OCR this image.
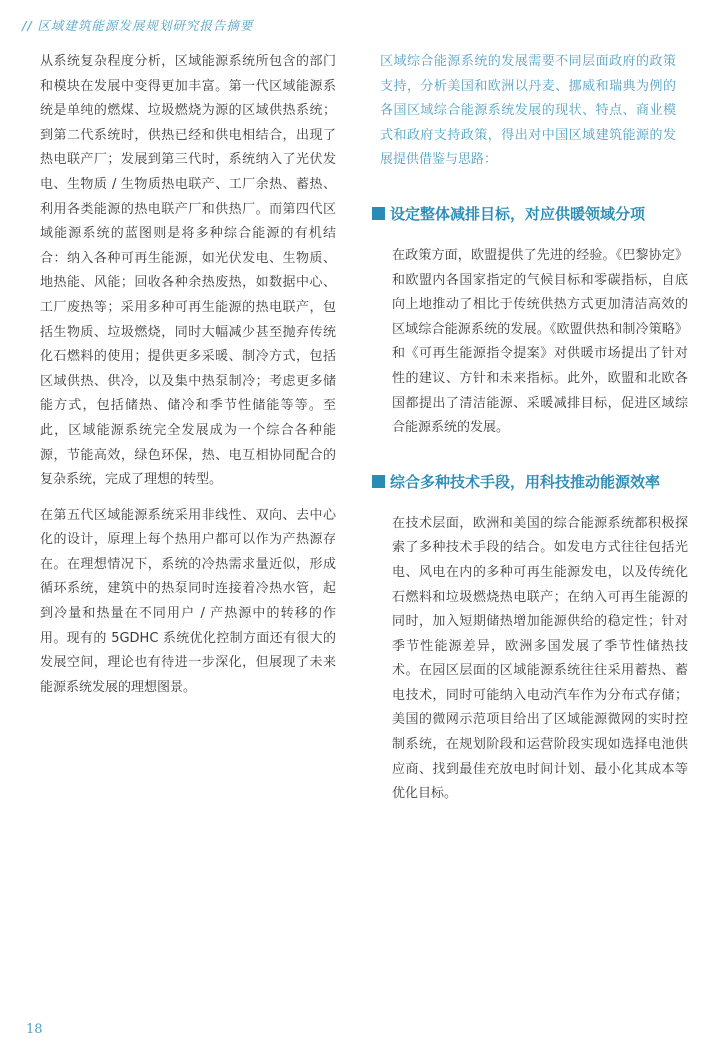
// 区域建筑能源发展规划研究报告摘要

从系统复杂程度分析，区域能源系统所包含的部门和模块在发展中变得更加丰富。第一代区域能源系统是单纯的燃煤、垃圾燃烧为源的区域供热系统；到第二代系统时，供热已经和供电相结合，出现了热电联产厂；发展到第三代时，系统纳入了光伏发电、生物质 / 生物质热电联产、工厂余热、蓄热、利用各类能源的热电联产厂和供热厂。而第四代区域能源系统的蓝图则是将多种综合能源的有机结合：纳入各种可再生能源，如光伏发电、生物质、地热能、风能；回收各种余热废热，如数据中心、工厂废热等；采用多种可再生能源的热电联产，包括生物质、垃圾燃烧，同时大幅减少甚至抛弃传统化石燃料的使用；提供更多采暖、制冷方式，包括区域供热、供冷，以及集中热泵制冷；考虑更多储能方式，包括储热、储冷和季节性储能等等。至此，区域能源系统完全发展成为一个综合各种能源，节能高效，绿色环保，热、电互相协同配合的复杂系统，完成了理想的转型。

在第五代区域能源系统采用非线性、双向、去中心化的设计，原理上每个热用户都可以作为产热源存在。在理想情况下，系统的冷热需求量近似，形成循环系统，建筑中的热泵同时连接着冷热水管，起到冷量和热量在不同用户 / 产热源中的转移的作用。现有的 5GDHC 系统优化控制方面还有很大的发展空间，理论也有待进一步深化，但展现了未来能源系统发展的理想图景。

区域综合能源系统的发展需要不同层面政府的政策支持，分析美国和欧洲以丹麦、挪威和瑞典为例的各国区域综合能源系统发展的现状、特点、商业模式和政府支持政策，得出对中国区域建筑能源的发展提供借鉴与思路：
设定整体减排目标，对应供暖领域分项
在政策方面，欧盟提供了先进的经验。《巴黎协定》和欧盟内各国家指定的气候目标和零碳指标，自底向上地推动了相比于传统供热方式更加清洁高效的区域综合能源系统的发展。《欧盟供热和制冷策略》和《可再生能源指令提案》对供暖市场提出了针对性的建议、方针和未来指标。此外，欧盟和北欧各国都提出了清洁能源、采暖减排目标，促进区域综合能源系统的发展。
综合多种技术手段，用科技推动能源效率
在技术层面，欧洲和美国的综合能源系统都积极探索了多种技术手段的结合。如发电方式往往包括光电、风电在内的多种可再生能源发电，以及传统化石燃料和垃圾燃烧热电联产；在纳入可再生能源的同时，加入短期储热增加能源供给的稳定性；针对季节性能源差异，欧洲多国发展了季节性储热技术。在园区层面的区域能源系统往往采用蓄热、蓄电技术，同时可能纳入电动汽车作为分布式存储；美国的微网示范项目给出了区域能源微网的实时控制系统，在规划阶段和运营阶段实现如选择电池供应商、找到最佳充放电时间计划、最小化其成本等优化目标。
18
